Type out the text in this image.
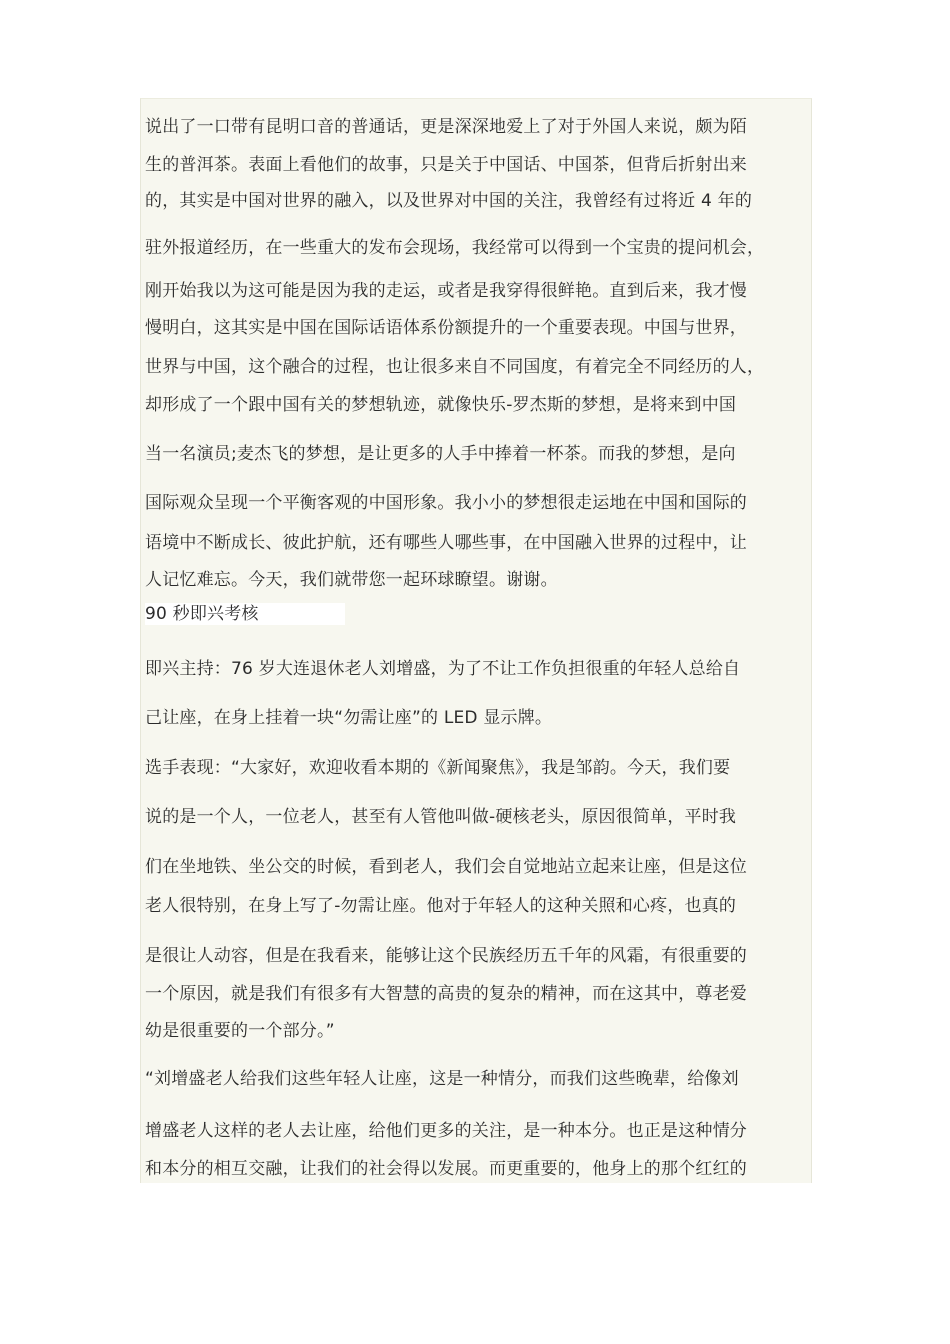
说出了一口带有昆明口音的普通话，更是深深地爱上了对于外国人来说，颇为陌
生的普洱茶。表面上看他们的故事，只是关于中国话、中国茶，但背后折射出来
的，其实是中国对世界的融入，以及世界对中国的关注，我曾经有过将近 4 年的
驻外报道经历，在一些重大的发布会现场，我经常可以得到一个宝贵的提问机会，
刚开始我以为这可能是因为我的走运，或者是我穿得很鲜艳。直到后来，我才慢
慢明白，这其实是中国在国际话语体系份额提升的一个重要表现。中国与世界，
世界与中国，这个融合的过程，也让很多来自不同国度，有着完全不同经历的人，
却形成了一个跟中国有关的梦想轨迹，就像快乐-罗杰斯的梦想，是将来到中国
当一名演员;麦杰飞的梦想，是让更多的人手中捧着一杯茶。而我的梦想，是向
国际观众呈现一个平衡客观的中国形象。我小小的梦想很走运地在中国和国际的
语境中不断成长、彼此护航，还有哪些人哪些事，在中国融入世界的过程中，让
人记忆难忘。今天，我们就带您一起环球瞭望。谢谢。
90 秒即兴考核
即兴主持：76 岁大连退休老人刘增盛，为了不让工作负担很重的年轻人总给自
己让座，在身上挂着一块“勿需让座”的 LED 显示牌。
选手表现：“大家好，欢迎收看本期的《新闻聚焦》，我是邹韵。今天，我们要
说的是一个人，一位老人，甚至有人管他叫做-硬核老头，原因很简单，平时我
们在坐地铁、坐公交的时候，看到老人，我们会自觉地站立起来让座，但是这位
老人很特别，在身上写了-勿需让座。他对于年轻人的这种关照和心疼，也真的
是很让人动容，但是在我看来，能够让这个民族经历五千年的风霜，有很重要的
一个原因，就是我们有很多有大智慧的高贵的复杂的精神，而在这其中，尊老爱
幼是很重要的一个部分。”
“刘增盛老人给我们这些年轻人让座，这是一种情分，而我们这些晚辈，给像刘
增盛老人这样的老人去让座，给他们更多的关注，是一种本分。也正是这种情分
和本分的相互交融，让我们的社会得以发展。而更重要的，他身上的那个红红的
